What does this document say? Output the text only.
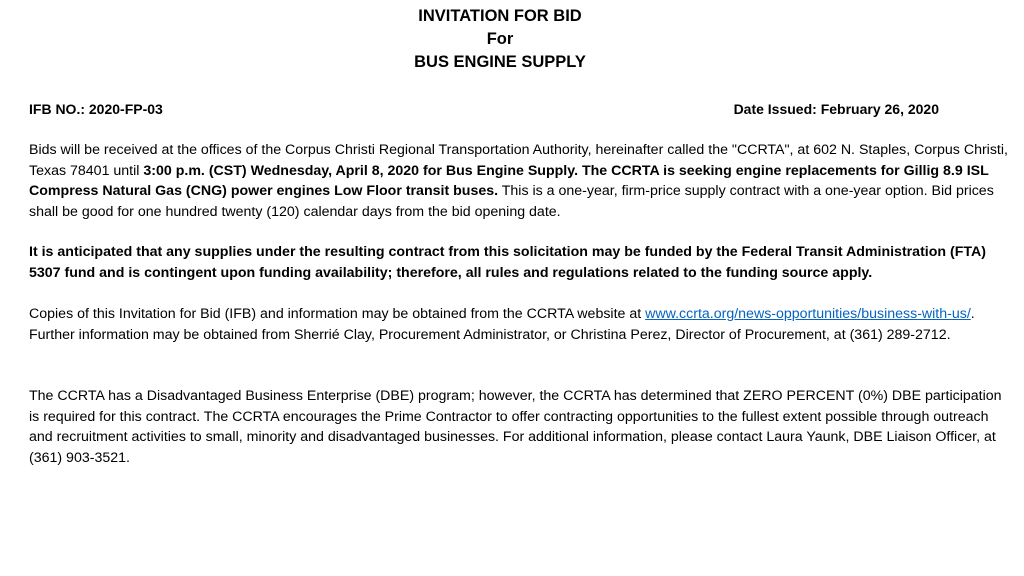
INVITATION FOR BID
For
BUS ENGINE SUPPLY
IFB NO.: 2020-FP-03	Date Issued: February 26, 2020
Bids will be received at the offices of the Corpus Christi Regional Transportation Authority, hereinafter called the "CCRTA", at 602 N. Staples, Corpus Christi, Texas 78401 until 3:00 p.m. (CST) Wednesday, April 8, 2020 for Bus Engine Supply. The CCRTA is seeking engine replacements for Gillig 8.9 ISL Compress Natural Gas (CNG) power engines Low Floor transit buses. This is a one-year, firm-price supply contract with a one-year option. Bid prices shall be good for one hundred twenty (120) calendar days from the bid opening date.
It is anticipated that any supplies under the resulting contract from this solicitation may be funded by the Federal Transit Administration (FTA) 5307 fund and is contingent upon funding availability; therefore, all rules and regulations related to the funding source apply.
Copies of this Invitation for Bid (IFB) and information may be obtained from the CCRTA website at www.ccrta.org/news-opportunities/business-with-us/. Further information may be obtained from Sherrié Clay, Procurement Administrator, or Christina Perez, Director of Procurement, at (361) 289-2712.
The CCRTA has a Disadvantaged Business Enterprise (DBE) program; however, the CCRTA has determined that ZERO PERCENT (0%) DBE participation is required for this contract. The CCRTA encourages the Prime Contractor to offer contracting opportunities to the fullest extent possible through outreach and recruitment activities to small, minority and disadvantaged businesses. For additional information, please contact Laura Yaunk, DBE Liaison Officer, at (361) 903-3521.
